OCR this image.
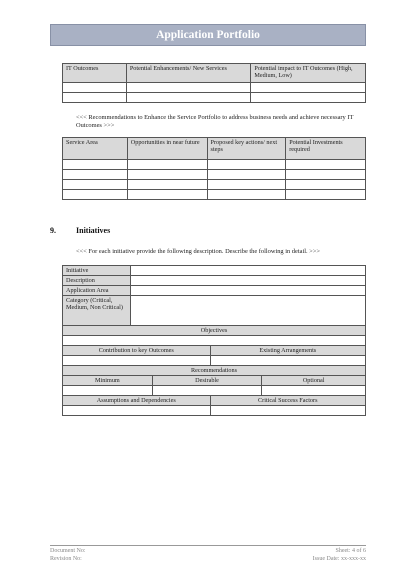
Application Portfolio
IT Outcomes	Potential Enhancements/ New Services	Potential impact to IT Outcomes (High, Medium, Low)

<<< Recommendations to Enhance the Service Portfolio to address business needs and achieve necessary IT Outcomes >>>
Service Area	Opportunities in near future	Proposed key actions/ next steps	Potential Investments required

9.	Initiatives
<<< For each initiative provide the following description. Describe the following in detail. >>>
Initiative				
Description				
Application Area				
Category (Critical, Medium, Non Critical)				
Objectives				

Contribution to key Outcomes			Existing Arrangements	

Recommendations				
Minimum		Desirable		Optional

Assumptions and Dependencies			Critical Success Factors	

Document No:
Revision No:
Sheet: 4 of 6
Issue Date: xx-xxx-xx
